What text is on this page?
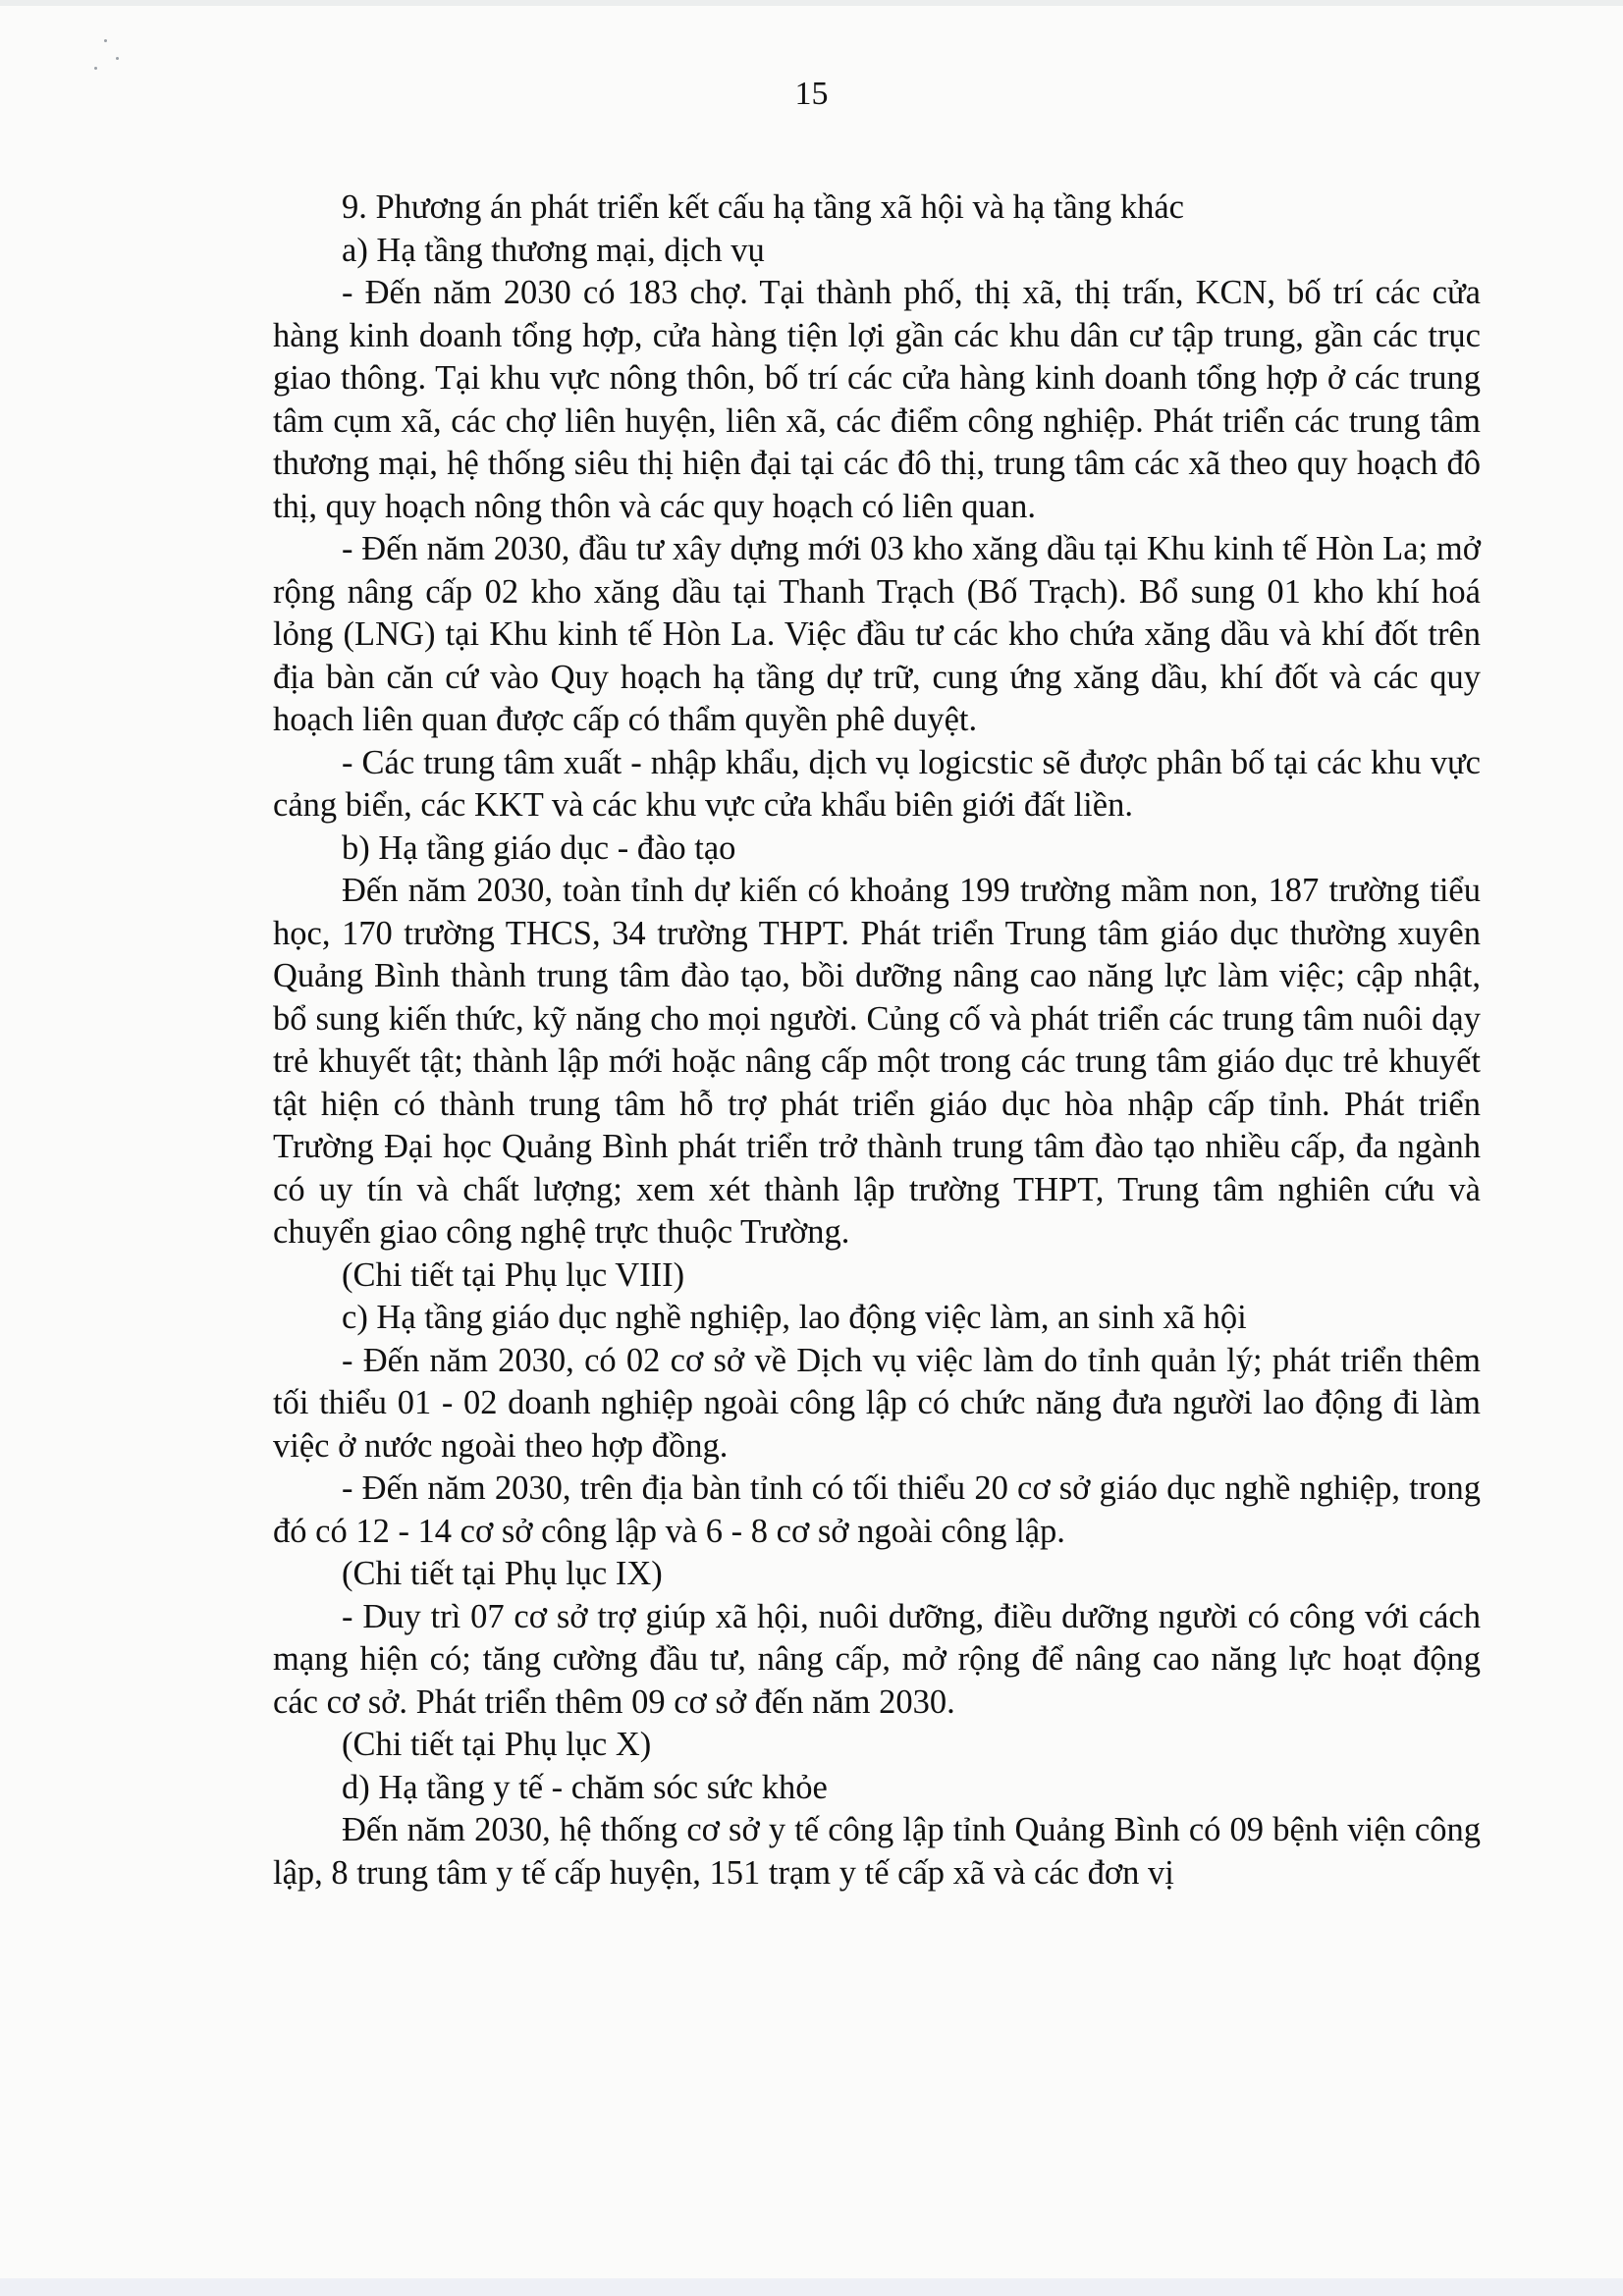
15

9. Phương án phát triển kết cấu hạ tầng xã hội và hạ tầng khác

a) Hạ tầng thương mại, dịch vụ

- Đến năm 2030 có 183 chợ. Tại thành phố, thị xã, thị trấn, KCN, bố trí các cửa hàng kinh doanh tổng hợp, cửa hàng tiện lợi gần các khu dân cư tập trung, gần các trục giao thông. Tại khu vực nông thôn, bố trí các cửa hàng kinh doanh tổng hợp ở các trung tâm cụm xã, các chợ liên huyện, liên xã, các điểm công nghiệp. Phát triển các trung tâm thương mại, hệ thống siêu thị hiện đại tại các đô thị, trung tâm các xã theo quy hoạch đô thị, quy hoạch nông thôn và các quy hoạch có liên quan.

- Đến năm 2030, đầu tư xây dựng mới 03 kho xăng dầu tại Khu kinh tế Hòn La; mở rộng nâng cấp 02 kho xăng dầu tại Thanh Trạch (Bố Trạch). Bổ sung 01 kho khí hoá lỏng (LNG) tại Khu kinh tế Hòn La. Việc đầu tư các kho chứa xăng dầu và khí đốt trên địa bàn căn cứ vào Quy hoạch hạ tầng dự trữ, cung ứng xăng dầu, khí đốt và các quy hoạch liên quan được cấp có thẩm quyền phê duyệt.

- Các trung tâm xuất - nhập khẩu, dịch vụ logicstic sẽ được phân bố tại các khu vực cảng biển, các KKT và các khu vực cửa khẩu biên giới đất liền.

b) Hạ tầng giáo dục - đào tạo

Đến năm 2030, toàn tỉnh dự kiến có khoảng 199 trường mầm non, 187 trường tiểu học, 170 trường THCS, 34 trường THPT. Phát triển Trung tâm giáo dục thường xuyên Quảng Bình thành trung tâm đào tạo, bồi dưỡng nâng cao năng lực làm việc; cập nhật, bổ sung kiến thức, kỹ năng cho mọi người. Củng cố và phát triển các trung tâm nuôi dạy trẻ khuyết tật; thành lập mới hoặc nâng cấp một trong các trung tâm giáo dục trẻ khuyết tật hiện có thành trung tâm hỗ trợ phát triển giáo dục hòa nhập cấp tỉnh. Phát triển Trường Đại học Quảng Bình phát triển trở thành trung tâm đào tạo nhiều cấp, đa ngành có uy tín và chất lượng; xem xét thành lập trường THPT, Trung tâm nghiên cứu và chuyển giao công nghệ trực thuộc Trường.

(Chi tiết tại Phụ lục VIII)

c) Hạ tầng giáo dục nghề nghiệp, lao động việc làm, an sinh xã hội

- Đến năm 2030, có 02 cơ sở về Dịch vụ việc làm do tỉnh quản lý; phát triển thêm tối thiểu 01 - 02 doanh nghiệp ngoài công lập có chức năng đưa người lao động đi làm việc ở nước ngoài theo hợp đồng.

- Đến năm 2030, trên địa bàn tỉnh có tối thiểu 20 cơ sở giáo dục nghề nghiệp, trong đó có 12 - 14 cơ sở công lập và 6 - 8 cơ sở ngoài công lập.

(Chi tiết tại Phụ lục IX)

- Duy trì 07 cơ sở trợ giúp xã hội, nuôi dưỡng, điều dưỡng người có công với cách mạng hiện có; tăng cường đầu tư, nâng cấp, mở rộng để nâng cao năng lực hoạt động các cơ sở. Phát triển thêm 09 cơ sở đến năm 2030.

(Chi tiết tại Phụ lục X)

d) Hạ tầng y tế - chăm sóc sức khỏe

Đến năm 2030, hệ thống cơ sở y tế công lập tỉnh Quảng Bình có 09 bệnh viện công lập, 8 trung tâm y tế cấp huyện, 151 trạm y tế cấp xã và các đơn vị
